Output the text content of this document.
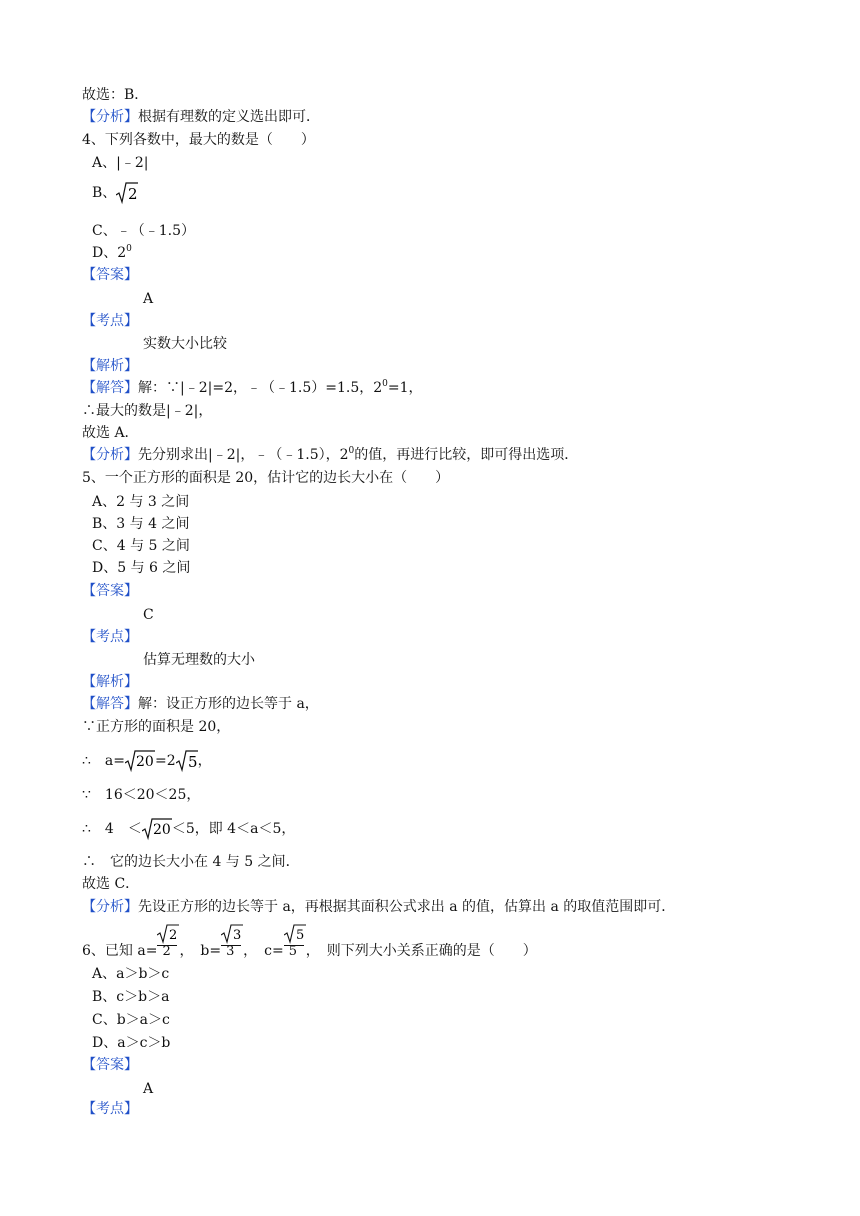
故选：B．
【分析】根据有理数的定义选出即可．
4、下列各数中，最大的数是（　　）
A、|﹣2|
B、 2
C、﹣（﹣1.5）
D、$2^0$
【答案】
A
【考点】
实数大小比较
【解析】
【解答】解：∵|﹣2|=2，﹣（﹣1.5）=1.5，$2^0=1$，
∴最大的数是|﹣2|，
故选 A．
【分析】先分别求出|﹣2|，﹣（﹣1.5），$2^0$的值，再进行比较，即可得出选项．
5、一个正方形的面积是 20，估计它的边长大小在（　　）
A、2 与 3 之间
B、3 与 4 之间
C、4 与 5 之间
D、5 与 6 之间
【答案】
C
【考点】
估算无理数的大小
【解析】
【解答】解：设正方形的边长等于 a，
∵正方形的面积是 20，
∴　a= 20 =2 5 ，
∵　16＜20＜25，
∴　4　＜ 20 ＜5，即 4＜a＜5，
∴　它的边长大小在 4 与 5 之间．
故选 C．
【分析】先设正方形的边长等于 a，再根据其面积公式求出 a 的值，估算出 a 的取值范围即可．
6、已知 $a= \frac{2}{2}$ ，　$b= \frac{3}{3}$ ，　$c= \frac{5}{5}$ ，　则下列大小关系正确的是（　　）
A、a＞b＞c
B、c＞b＞a
C、b＞a＞c
D、a＞c＞b
【答案】
A
【考点】
